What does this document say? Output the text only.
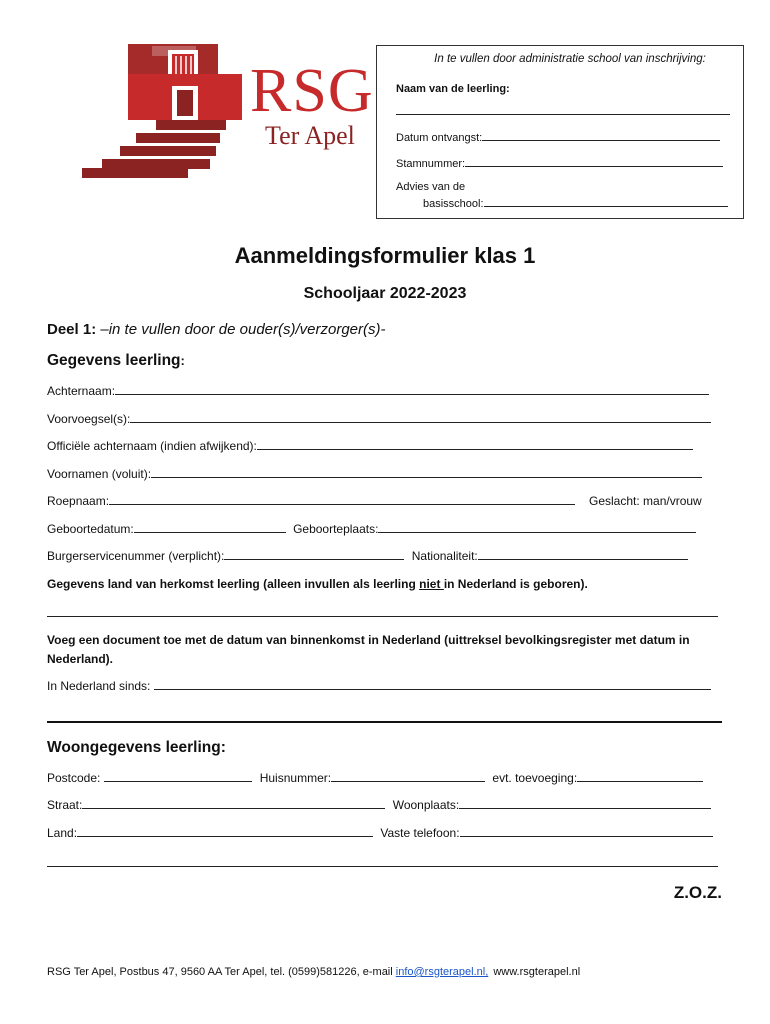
RSG
Ter Apel
In te vullen door administratie school van inschrijving:
Naam van de leerling:
Datum ontvangst:
Stamnummer:
Advies van de
basisschool:
Aanmeldingsformulier klas 1
Schooljaar 2022-2023
Deel 1: –in te vullen door de ouder(s)/verzorger(s)-
Gegevens leerling:
Achternaam:
Voorvoegsel(s):
Officiële achternaam (indien afwijkend):
Voornamen (voluit):
Roepnaam:	Geslacht: man/vrouw
Geboortedatum:	Geboorteplaats:
Burgerservicenummer (verplicht):	Nationaliteit:
Gegevens land van herkomst leerling (alleen invullen als leerling niet in Nederland is geboren).
Voeg een document toe met de datum van binnenkomst in Nederland (uittreksel bevolkingsregister met datum in
Nederland).
In Nederland sinds:
Woongegevens leerling:
Postcode:	Huisnummer:	evt. toevoeging:
Straat:	Woonplaats:
Land:	Vaste telefoon:
Z.O.Z.
RSG Ter Apel, Postbus 47, 9560 AA Ter Apel, tel. (0599)581226, e-mail info@rsgterapel.nl, www.rsgterapel.nl
